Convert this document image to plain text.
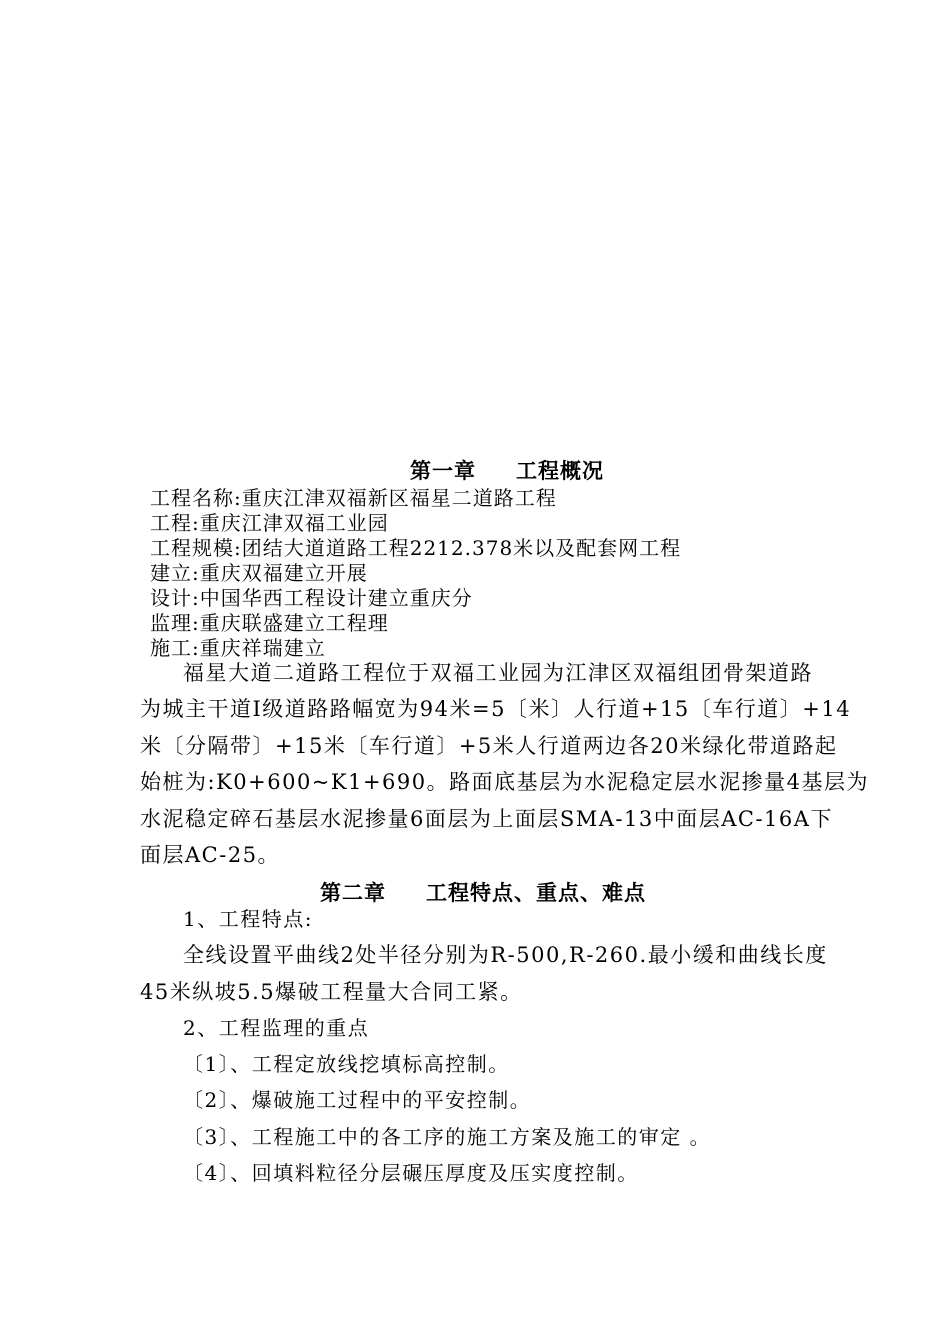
第一章 工程概况
工程名称:重庆江津双福新区福星二道路工程
工程:重庆江津双福工业园
工程规模:团结大道道路工程2212.378米以及配套网工程
建立:重庆双福建立开展
设计:中国华西工程设计建立重庆分
监理:重庆联盛建立工程理
施工:重庆祥瑞建立
福星大道二道路工程位于双福工业园为江津区双福组团骨架道路
为城主干道Ⅰ级道路路幅宽为94米=5〔米〕人行道+15〔车行道〕+14
米〔分隔带〕+15米〔车行道〕+5米人行道两边各20米绿化带道路起
始桩为:K0+600~K1+690。路面底基层为水泥稳定层水泥掺量4基层为
水泥稳定碎石基层水泥掺量6面层为上面层SMA-13中面层AC-16A下
面层AC-25。
第二章 工程特点、重点、难点
1、工程特点:
全线设置平曲线2处半径分别为R-500,R-260.最小缓和曲线长度
45米纵坡5.5爆破工程量大合同工紧。
2、工程监理的重点
〔1〕、工程定放线挖填标高控制。
〔2〕、爆破施工过程中的平安控制。
〔3〕、工程施工中的各工序的施工方案及施工的审定 。
〔4〕、回填料粒径分层碾压厚度及压实度控制。
